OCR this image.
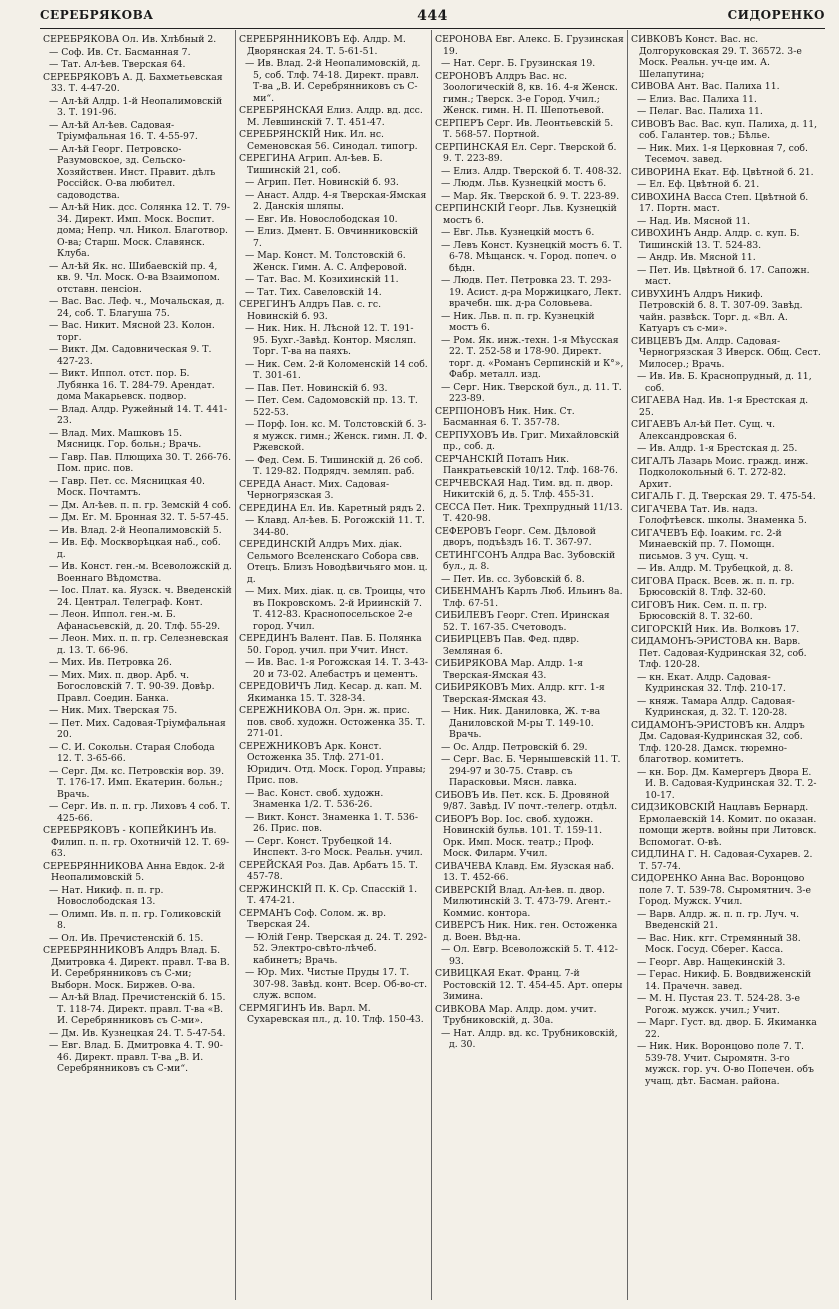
СЕРЕБРЯКОВА	444	СИДОРЕНКО
СЕРЕБРЯКОВА Ол. Ив. Хлѣбный 2.
— Соф. Ив. Ст. Басманная 7.
— Тат. Ал-ѣев. Тверская 64.
СЕРЕБРЯКОВЪ А. Д. Бахметьевская 33. Т. 4-47-20.
— Ал-ѣй Алдр. 1-й Неопалимовскій 3. Т. 191-96.
— Ал-ѣй Ал-ѣев. Садовая-Тріумфальная 16. Т. 4-55-97.
— Ал-ѣй Георг. Петровско-Разумовское, зд. Сельско-Хозяйствен. Инст. Правит. дѣлъ Россійск. О-ва любител. садоводства.
— Ал-ѣй Ник. дсс. Солянка 12. Т. 79-34. Директ. Имп. Моск. Воспит. дома; Непр. чл. Никол. Благотвор. О-ва; Старш. Моск. Славянск. Клуба.
— Ал-ѣй Як. нс. Шибаевскій пр. 4, кв. 9. Чл. Моск. О-ва Взаимопом. отставн. пенсіон.
— Вас. Вас. Леф. ч., Мочальская, д. 24, соб. Т. Благуша 75.
— Вас. Никит. Мясной 23. Колон. торг.
— Викт. Дм. Садовническая 9. Т. 427-23.
— Викт. Иппол. отст. пор. Б. Лубянка 16. Т. 284-79. Арендат. дома Макарьевск. подвор.
— Влад. Алдр. Ружейный 14. Т. 441-23.
— Влад. Мих. Машковъ 15. Мясницк. Гор. больн.; Врачь.
— Гавр. Пав. Плющиха 30. Т. 266-76. Пом. прис. пов.
— Гавр. Пет. сс. Мясницкая 40. Моск. Почтамтъ.
— Дм. Ал-ѣев. п. п. гр. Земскій 4 соб.
— Дм. Ег. М. Бронная 32. Т. 5-57-45.
— Ив. Влад. 2-й Неопалимовскій 5.
— Ив. Еф. Москворѣцкая наб., соб. д.
— Ив. Конст. ген.-м. Всеволожскій д. Военнаго Вѣдомства.
— Іос. Плат. ка. Яузск. ч. Введенскій 24. Централ. Телеграф. Конт.
— Леон. Иппол. ген.-м. Б. Афанасьевскій, д. 20. Тлф. 55-29.
— Леон. Мих. п. п. гр. Селезневская д. 13. Т. 66-96.
— Мих. Ив. Петровка 26.
— Мих. Мих. п. двор. Арб. ч. Богословскій 7. Т. 90-39. Довѣр. Правл. Соедин. Банка.
— Ник. Мих. Тверская 75.
— Пет. Мих. Садовая-Тріумфальная 20.
— С. И. Сокольн. Старая Слобода 12. Т. 3-65-66.
— Серг. Дм. кс. Петровскія вор. 39. Т. 176-17. Имп. Екатерин. больн.; Врачь.
— Серг. Ив. п. п. гр. Лиховъ 4 соб. Т. 425-66.
СЕРЕБРЯКОВЪ - КОПЕЙКИНЪ Ив. Филип. п. п. гр. Охотничій 12. Т. 69-63.
СЕРЕБРЯННИКОВА Анна Евдок. 2-й Неопалимовскій 5.
— Нат. Никиф. п. п. гр. Новослободская 13.
— Олимп. Ив. п. п. гр. Голиковскій 8.
— Ол. Ив. Пречистенскій б. 15.
СЕРЕБРЯННИКОВЪ Алдръ Влад. Б. Дмитровка 4. Директ. правл. Т-ва В. И. Серебрянниковъ съ С-ми; Выборн. Моск. Биржев. О-ва.
— Ал-ѣй Влад. Пречистенскій б. 15. Т. 118-74. Директ. правл. Т-ва «В. И. Серебрянниковъ съ С-ми».
— Дм. Ив. Кузнецкая 24. Т. 5-47-54.
— Евг. Влад. Б. Дмитровка 4. Т. 90-46. Директ. правл. Т-ва „В. И. Серебрянниковъ съ С-ми“.
СЕРЕБРЯННИКОВЪ Еф. Алдр. М. Дворянская 24. Т. 5-61-51.
— Ив. Влад. 2-й Неопалимовскій, д. 5, соб. Тлф. 74-18. Директ. правл. Т-ва „В. И. Серебрянниковъ съ С-ми“.
СЕРЕБРЯНСКАЯ Елиз. Алдр. вд. дсс. М. Левшинскій 7. Т. 451-47.
СЕРЕБРЯНСКІЙ Ник. Ил. нс. Семеновская 56. Синодал. типогр.
СЕРЕГИНА Агрип. Ал-ѣев. Б. Тишинскій 21, соб.
— Агрип. Пет. Новинскій б. 93.
— Анаст. Алдр. 4-я Тверская-Ямская 2. Данскія шляпы.
— Евг. Ив. Новослободская 10.
— Елиз. Дмент. Б. Овчинниковскій 7.
— Мар. Конст. М. Толстовскій 6. Женск. Гимн. А. С. Алферовой.
— Тат. Вас. М. Козихинскій 11.
— Тат. Тих. Савеловскій 14.
СЕРЕГИНЪ Алдръ Пав. с. гс. Новинскій б. 93.
— Ник. Ник. Н. Лѣсной 12. Т. 191-95. Бухг.-Завѣд. Контор. Мясляп. Торг. Т-ва на паяхъ.
— Ник. Сем. 2-й Коломенскій 14 соб. Т. 301-61.
— Пав. Пет. Новинскій б. 93.
— Пет. Сем. Садомовскій пр. 13. Т. 522-53.
— Порф. Іон. кс. М. Толстовскій б. 3-я мужск. гимн.; Женск. гимн. Л. Ф. Ржевской.
— Фед. Сем. Б. Тишинскій д. 26 соб. Т. 129-82. Подрядч. земляп. раб.
СЕРЕДА Анаст. Мих. Садовая-Черногрязская 3.
СЕРЕДИНА Ел. Ив. Каретный рядъ 2.
— Клавд. Ал-ѣев. Б. Рогожскій 11. Т. 344-80.
СЕРЕДИНСКІЙ Алдръ Мих. діак. Сельмого Вселенскаго Собора свв. Отецъ. Близъ Новодѣвичьяго мон. ц. д.
— Мих. Мих. діак. ц. св. Троицы, что въ Покровскомъ. 2-й Ириинскій 7. Т. 412-83. Краснопосельское 2-е город. Учил.
СЕРЕДИНЪ Валент. Пав. Б. Полянка 50. Город. учил. при Учит. Инст.
— Ив. Вас. 1-я Рогожская 14. Т. 3-43-20 и 73-02. Алебастръ и цементъ.
СЕРЕДОВИЧЪ Лид. Кесар. д. кап. М. Якиманка 15. Т. 328-34.
СЕРЕЖНИКОВА Ол. Эрн. ж. прис. пов. своб. художн. Остоженка 35. Т. 271-01.
СЕРЕЖНИКОВЪ Арк. Конст. Остоженка 35. Тлф. 271-01. Юридич. Отд. Моск. Город. Управы; Прис. пов.
— Вас. Конст. своб. художн. Знаменка 1/2. Т. 536-26.
— Викт. Конст. Знаменка 1. Т. 536-26. Прис. пов.
— Серг. Конст. Трубецкой 14. Инспект. 3-го Моск. Реальн. учил.
СЕРЕЙСКАЯ Роз. Дав. Арбатъ 15. Т. 457-78.
СЕРЖИНСКІЙ П. К. Ср. Спасскій 1. Т. 474-21.
СЕРМАНЪ Соф. Солом. ж. вр. Тверская 24.
— Юлій Генр. Тверская д. 24. Т. 292-52. Электро-свѣто-лѣчеб. кабинетъ; Врачь.
— Юр. Мих. Чистые Пруды 17. Т. 307-98. Завѣд. конт. Всер. Об-во-ст. служ. вспом.
СЕРМЯГИНЪ Ив. Варл. М. Сухаревская пл., д. 10. Тлф. 150-43.
СЕРОНОВА Евг. Алекс. Б. Грузинская 19.
— Нат. Серг. Б. Грузинская 19.
СЕРОНОВЪ Алдръ Вас. нс. Зоологическій 8, кв. 16. 4-я Женск. гимн.; Тверск. 3-е Город. Учил.; Женск. гимн. Н. П. Шепотьевой.
СЕРПЕРЪ Серг. Ив. Леонтьевскій 5. Т. 568-57. Портной.
СЕРПИНСКАЯ Ел. Серг. Тверской б. 9. Т. 223-89.
— Елиз. Алдр. Тверской б. Т. 408-32.
— Людм. Льв. Кузнецкій мостъ 6.
— Мар. Як. Тверской б. 9. Т. 223-89.
СЕРПИНСКІЙ Георг. Льв. Кузнецкій мостъ 6.
— Евг. Льв. Кузнецкій мостъ 6.
— Левъ Конст. Кузнецкій мостъ 6. Т. 6-78. Мѣщанск. ч. Город. попеч. о бѣдн.
— Людв. Пет. Петровка 23. Т. 293-19. Асист. д-ра Моржицкаго, Лект. врачебн. шк. д-ра Соловьева.
— Ник. Льв. п. п. гр. Кузнецкій мостъ 6.
— Ром. Як. инж.-техн. 1-я Мѣусская 22. Т. 252-58 и 178-90. Директ. торг. д. «Романъ Серпинскій и К°», Фабр. металл. изд.
— Серг. Ник. Тверской бул., д. 11. Т. 223-89.
СЕРПІОНОВЪ Ник. Ник. Ст. Басманная 6. Т. 357-78.
СЕРПУХОВЪ Ив. Григ. Михайловскій пр., соб. д.
СЕРЧАНСКІЙ Потапъ Ник. Панкратьевскій 10/12. Тлф. 168-76.
СЕРЧЕВСКАЯ Над. Тим. вд. п. двор. Никитскій 6, д. 5. Тлф. 455-31.
СЕССА Пет. Ник. Трехпрудный 11/13. Т. 420-98.
СЕФЕРОВЪ Георг. Сем. Дѣловой дворъ, подъѣздъ 16. Т. 367-97.
СЕТИНГСОНЪ Алдра Вас. Зубовскій бул., д. 8.
— Пет. Ив. сс. Зубовскій б. 8.
СИБЕНМАНЪ Карлъ Люб. Ильинъ 8а. Тлф. 67-51.
СИБИЛЕВЪ Георг. Степ. Иринская 52. Т. 167-35. Счетоводъ.
СИБИРЦЕВЪ Пав. Фед. пдвр. Земляная 6.
СИБИРЯКОВА Мар. Алдр. 1-я Тверская-Ямская 43.
СИБИРЯКОВЪ Мих. Алдр. кгг. 1-я Тверская-Ямская 43.
— Ник. Ник. Даниловка, Ж. т-ва Даниловской М-ры Т. 149-10. Врачь.
— Ос. Алдр. Петровскій б. 29.
— Серг. Вас. Б. Чернышевскій 11. Т. 294-97 и 30-75. Ставр. съ Парасковьи. Мясн. лавка.
СИБОВЪ Ив. Пет. кск. Б. Дровяной 9/87. Завѣд. ІѴ почт.-телегр. отдѣл.
СИБОРЪ Вор. Іос. своб. художн. Новинскій бульв. 101. Т. 159-11. Орк. Имп. Моск. театр.; Проф. Моск. Филарм. Учил.
СИВАЧЕВА Клавд. Ем. Яузская наб. 13. Т. 452-66.
СИВЕРСКІЙ Влад. Ал-ѣев. п. двор. Милютинскій 3. Т. 473-79. Агент.-Коммис. контора.
СИВЕРСЪ Ник. Ник. ген. Остоженка д. Воен. Вѣд-на.
— Ол. Евгр. Всеволожскій 5. Т. 412-93.
СИВИЦКАЯ Екат. Франц. 7-й Ростовскій 12. Т. 454-45. Арт. оперы Зимина.
СИВКОВА Мар. Алдр. дом. учит. Трубниковскій, д. 30а.
— Нат. Алдр. вд. кс. Трубниковскій, д. 30.
СИВКОВЪ Конст. Вас. нс. Долгоруковская 29. Т. 36572. 3-е Моск. Реальн. уч-це им. А. Шелапутина;
СИВОВА Ант. Вас. Палиха 11.
— Елиз. Вас. Палиха 11.
— Пелаг. Вас. Палиха 11.
СИВОВЪ Вас. Вас. куп. Палиха, д. 11, соб. Галантер. тов.; Бѣлье.
— Ник. Мих. 1-я Церковная 7, соб. Тесемоч. завед.
СИВОРИНА Екат. Еф. Цвѣтной б. 21.
— Ел. Еф. Цвѣтной б. 21.
СИВОХИНА Васса Степ. Цвѣтной б. 17. Портн. маст.
— Над. Ив. Мясной 11.
СИВОХИНЪ Андр. Алдр. с. куп. Б. Тишинскій 13. Т. 524-83.
— Андр. Ив. Мясной 11.
— Пет. Ив. Цвѣтной б. 17. Сапожн. маст.
СИВУХИНЪ Алдръ Никиф. Петровскій б. 8. Т. 307-09. Завѣд. чайн. развѣск. Торг. д. «Вл. А. Катуаръ съ с-ми».
СИВЦЕВЪ Дм. Алдр. Садовая-Черногрязская 3 Иверск. Общ. Сест. Милосер.; Врачь.
— Ив. Ив. Б. Краснопрудный, д. 11, соб.
СИГАЕВА Над. Ив. 1-я Брестская д. 25.
СИГАЕВЪ Ал-ѣй Пет. Сущ. ч. Александровская 6.
— Ив. Алдр. 1-я Брестская д. 25.
СИГАЛЪ Лазарь Моис. гражд. инж. Подколокольный 6. Т. 272-82. Архит.
СИГАЛЬ Г. Д. Тверская 29. Т. 475-54.
СИГАЧЕВА Тат. Ив. надз. Голофтѣевск. школы. Знаменка 5.
СИГАЧЕВЪ Еф. Іоаким. гс. 2-й Минаевскій пр. 7. Помощн. письмов. 3 уч. Сущ. ч.
— Ив. Алдр. М. Трубецкой, д. 8.
СИГОВА Праск. Всев. ж. п. п. гр. Брюсовскій 8. Тлф. 32-60.
СИГОВЪ Ник. Сем. п. п. гр. Брюсовскій 8. Т. 32-60.
СИГОРСКІЙ Ник. Ив. Волковъ 17.
СИДАМОНЪ-ЭРИСТОВА кн. Варв. Пет. Садовая-Кудринская 32, соб. Тлф. 120-28.
— кн. Екат. Алдр. Садовая-Кудринская 32. Тлф. 210-17.
— княж. Тамара Алдр. Садовая-Кудринская, д. 32. Т. 120-28.
СИДАМОНЪ-ЭРИСТОВЪ кн. Алдръ Дм. Садовая-Кудринская 32, соб. Тлф. 120-28. Дамск. тюремно-благотвор. комитетъ.
— кн. Бор. Дм. Камергеръ Двора Е. И. В. Садовая-Кудринская 32. Т. 2-10-17.
СИДЗИКОВСКІЙ Нацлавъ Бернард. Ермолаевскій 14. Комит. по оказан. помощи жертв. войны при Литовск. Вспомогат. О-вѣ.
СИДЛИНА Г. Н. Садовая-Сухарев. 2. Т. 57-74.
СИДОРЕНКО Анна Вас. Воронцово поле 7. Т. 539-78. Сыромятнич. 3-е Город. Мужск. Учил.
— Варв. Алдр. ж. п. п. гр. Луч. ч. Введенскій 21.
— Вас. Ник. кгг. Стремянный 38. Моск. Госуд. Сберег. Касса.
— Георг. Авр. Нащекинскій 3.
— Герас. Никиф. Б. Вовдвиженскій 14. Прачечн. завед.
— М. Н. Пустая 23. Т. 524-28. 3-е Рогож. мужск. учил.; Учит.
— Марг. Густ. вд. двор. Б. Якиманка 22.
— Ник. Ник. Воронцово поле 7. Т. 539-78. Учит. Сыромятн. 3-го мужск. гор. уч. О-во Попечен. объ учащ. дѣт. Басман. района.
